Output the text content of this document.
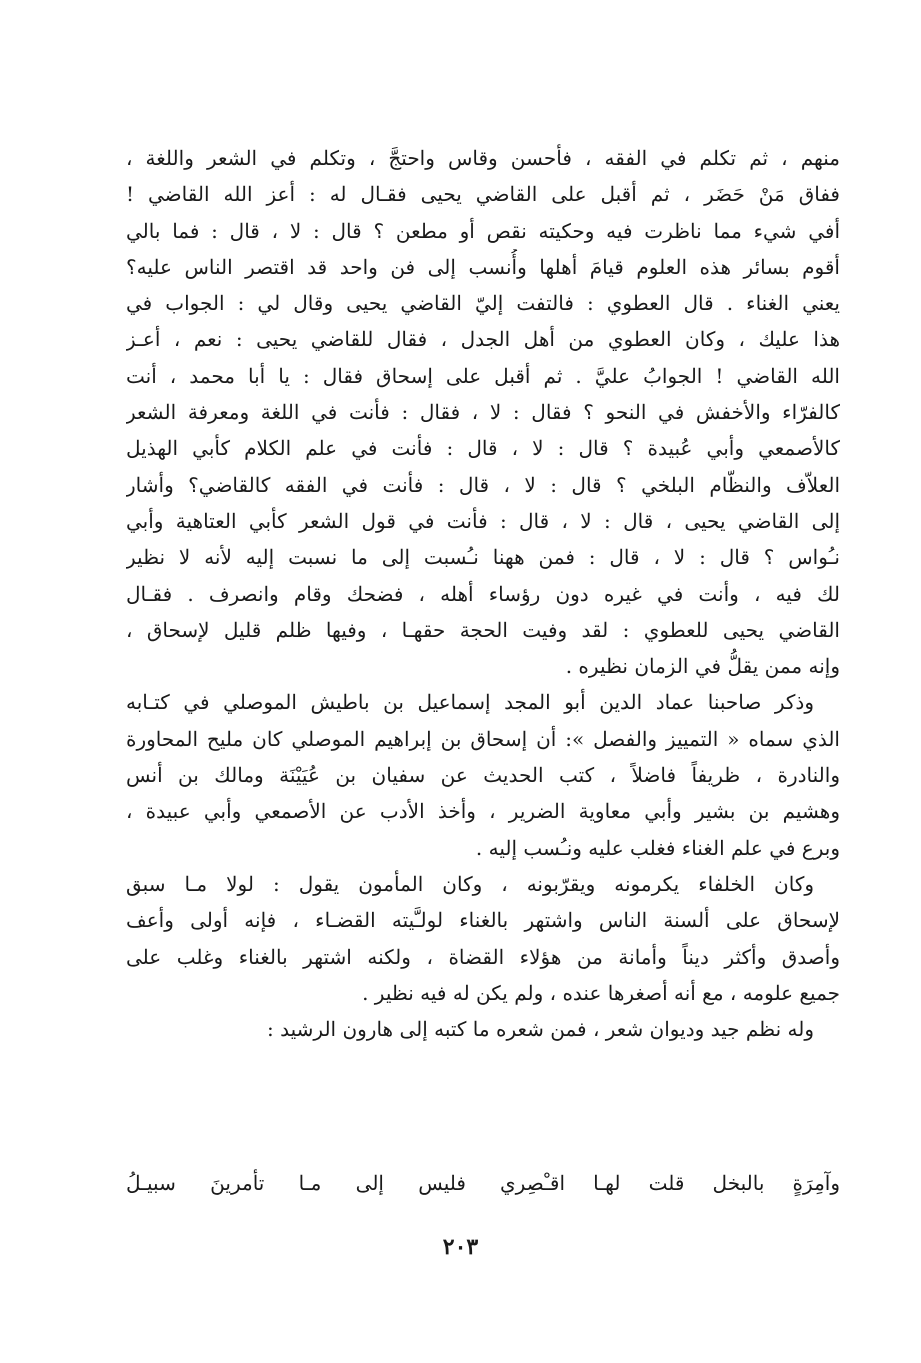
منهم ، ثم تكلم في الفقه ، فأحسن وقاس واحتجَّ ، وتكلم في الشعر واللغة ،
ففاق مَنْ حَضَر ، ثم أقبل على القاضي يحيى فقـال له : أعز الله القاضي !
أفي شيء مما ناظرت فيه وحكيته نقص أو مطعن ؟ قال : لا ، قال : فما بالي
أقوم بسائر هذه العلوم قيامَ أهلها وأُنسب إلى فن واحد قد اقتصر الناس عليه؟
يعني الغناء . قال العطوي : فالتفت إليّ القاضي يحيى وقال لي : الجواب في
هذا عليك ، وكان العطوي من أهل الجدل ، فقال للقاضي يحيى : نعم ، أعـز
الله القاضي ! الجوابُ عليَّ . ثم أقبل على إسحاق فقال : يا أبا محمد ، أنت
كالفرّاء والأخفش في النحو ؟ فقال : لا ، فقال : فأنت في اللغة ومعرفة الشعر
كالأصمعي وأبي عُبيدة ؟ قال : لا ، قال : فأنت في علم الكلام كأبي الهذيل
العلاّف والنظّام البلخي ؟ قال : لا ، قال : فأنت في الفقه كالقاضي؟ وأشار
إلى القاضي يحيى ، قال : لا ، قال : فأنت في قول الشعر كأبي العتاهية وأبي
نـُواس ؟ قال : لا ، قال : فمن ههنا نـُسبت إلى ما نسبت إليه لأنه لا نظير
لك فيه ، وأنت في غيره دون رؤساء أهله ، فضحك وقام وانصرف . فقـال
القاضي يحيى للعطوي : لقد وفيت الحجة حقهـا ، وفيها ظلم قليل لإسحاق ،
وإنه ممن يقلُّ في الزمان نظيره .
وذكر صاحبنا عماد الدين أبو المجد إسماعيل بن باطيش الموصلي في كتـابه
الذي سماه « التمييز والفصل »: أن إسحاق بن إبراهيم الموصلي كان مليح المحاورة
والنادرة ، ظريفاً فاضلاً ، كتب الحديث عن سفيان بن عُيَيْنَة ومالك بن أنس
وهشيم بن بشير وأبي معاوية الضرير ، وأخذ الأدب عن الأصمعي وأبي عبيدة ،
وبرع في علم الغناء فغلب عليه ونـُسب إليه .
وكان الخلفاء يكرمونه ويقرّبونه ، وكان المأمون يقول : لولا مـا سبق
لإسحاق على ألسنة الناس واشتهر بالغناء لولـَّيته القضـاء ، فإنه أولى وأعف
وأصدق وأكثر ديناً وأمانة من هؤلاء القضاة ، ولكنه اشتهر بالغناء وغلب على
جميع علومه ، مع أنه أصغرها عنده ، ولم يكن له فيه نظير .
وله نظم جيد وديوان شعر ، فمن شعره ما كتبه إلى هارون الرشيد :
وآمِرَةٍ بالبخل قلت لهـا اقـْصِري
فليس إلى مـا تأمرينَ سبيـلُ
٢٠٣
